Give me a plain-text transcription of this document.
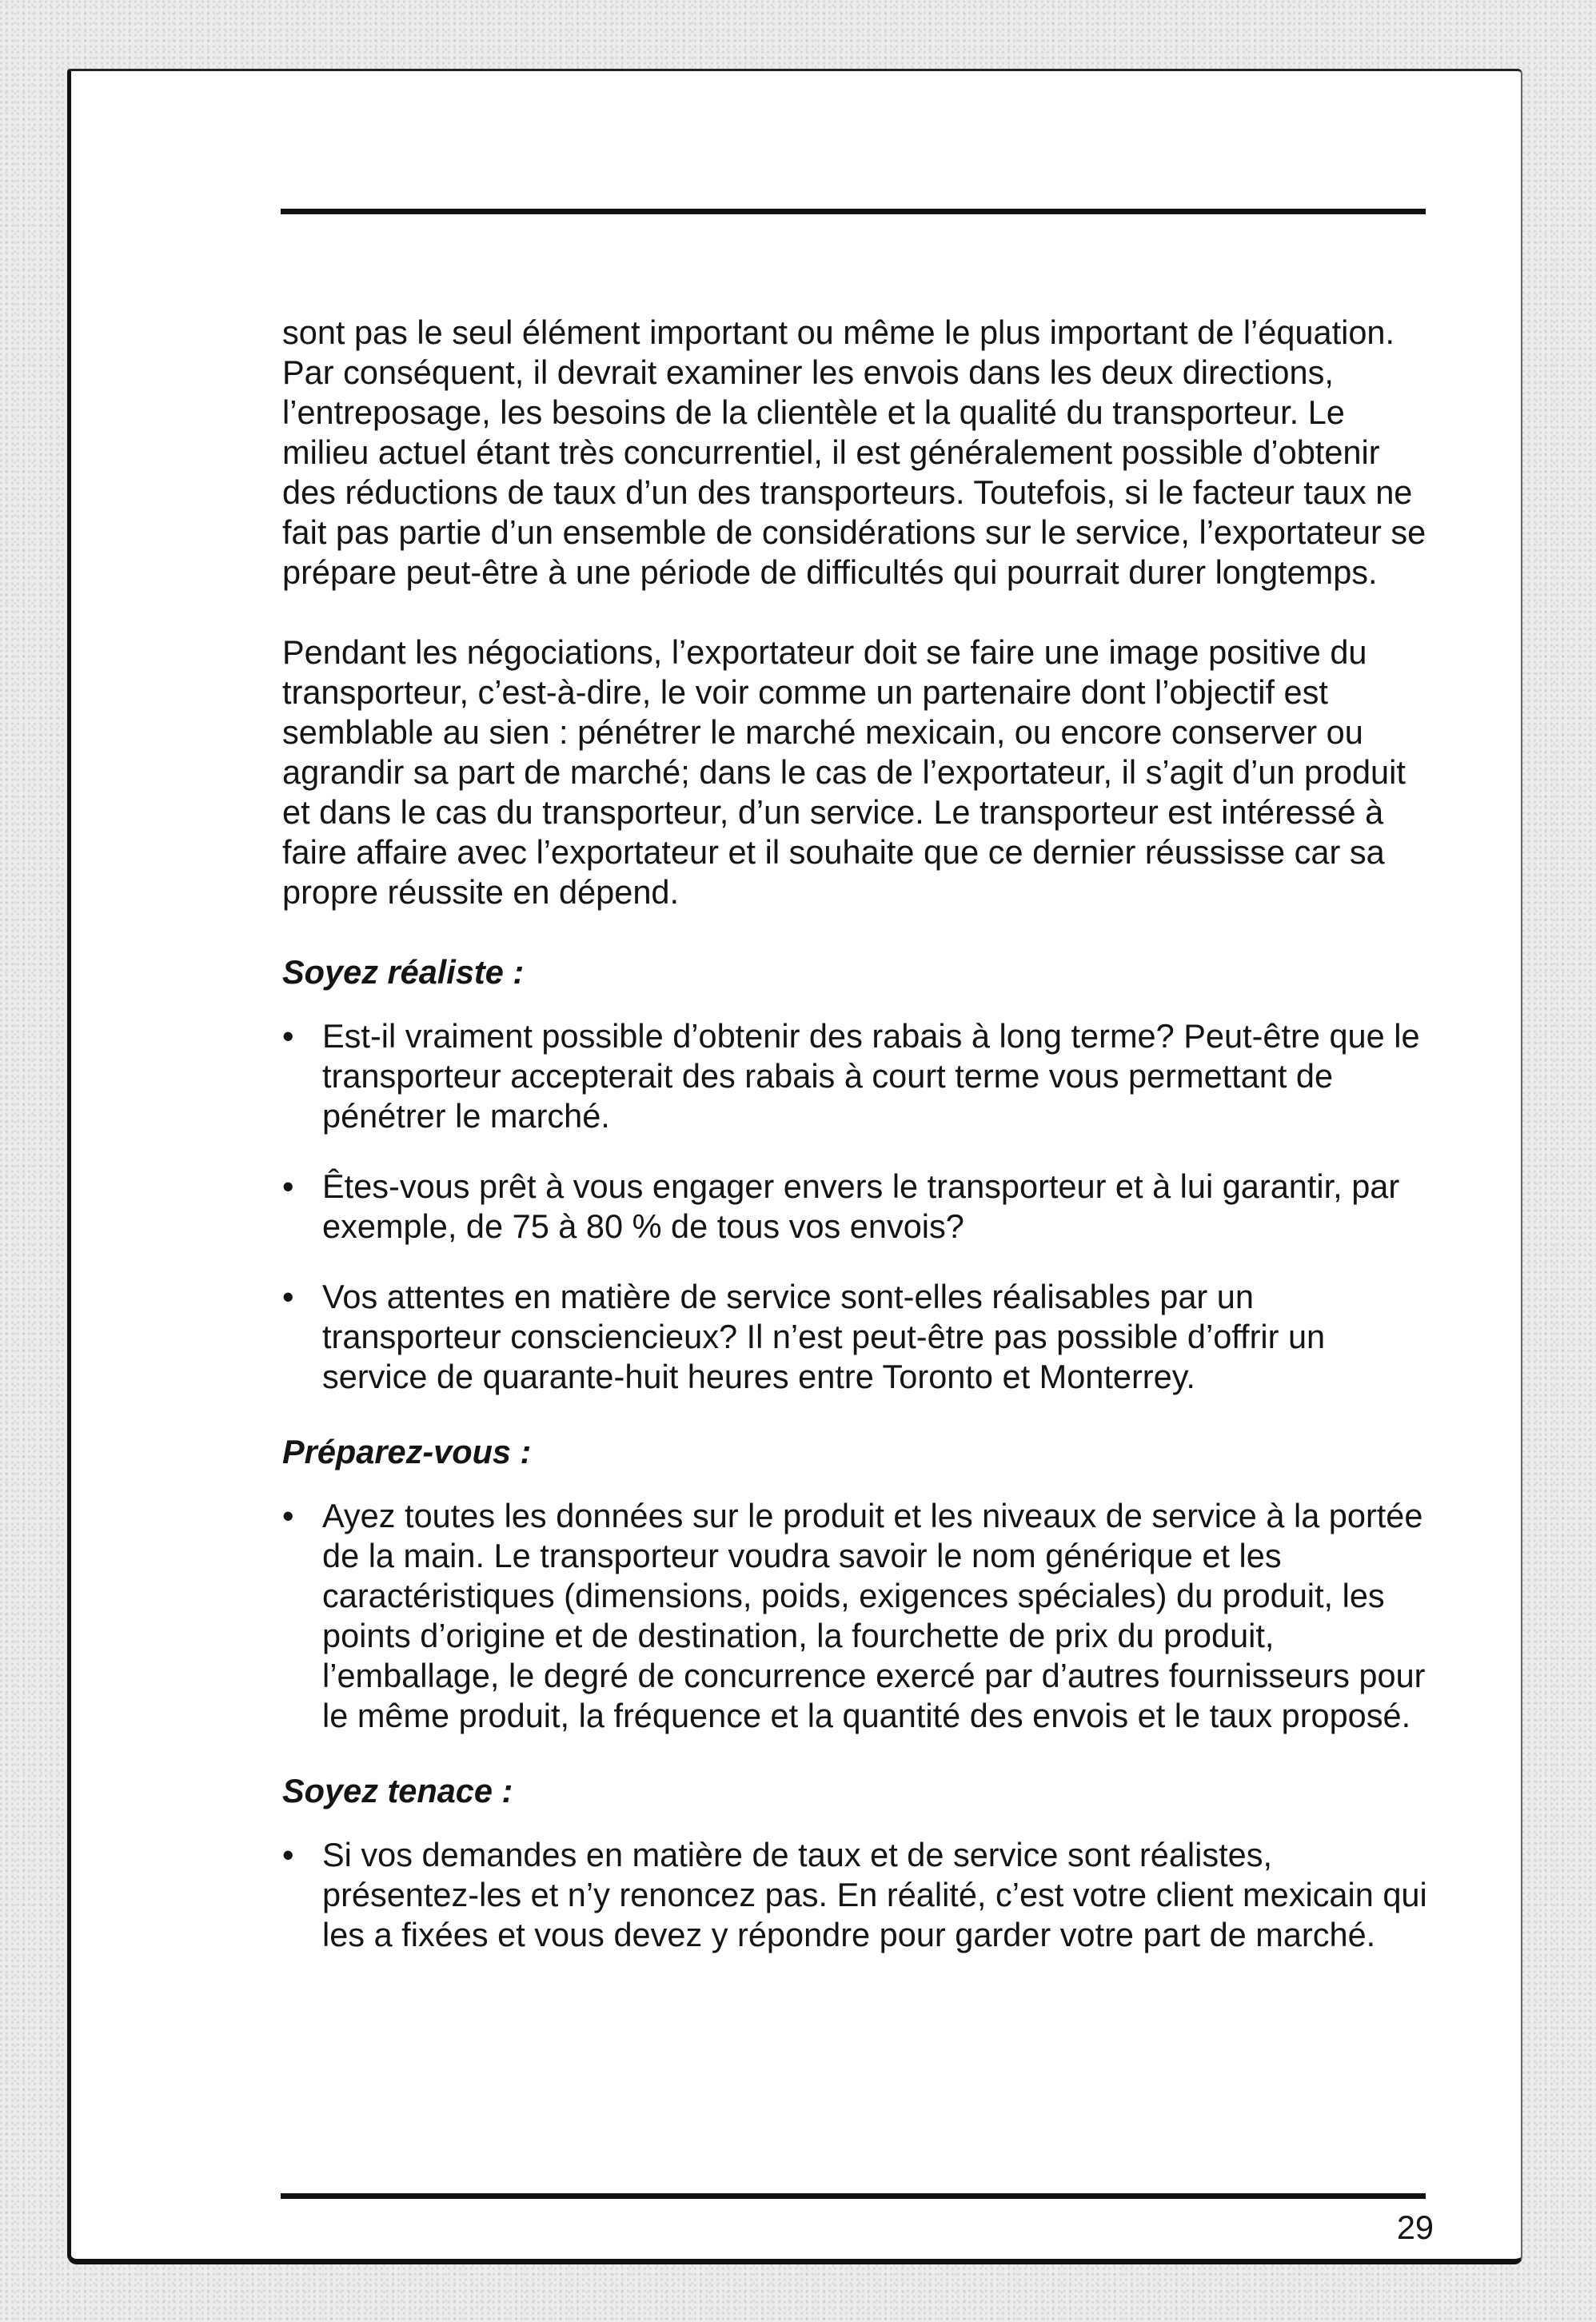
sont pas le seul élément important ou même le plus important de l’équation. Par conséquent, il devrait examiner les envois dans les deux directions, l’entreposage, les besoins de la clientèle et la qualité du transporteur. Le milieu actuel étant très concurrentiel, il est généralement possible d’obtenir des réductions de taux d’un des transporteurs. Toutefois, si le facteur taux ne fait pas partie d’un ensemble de considérations sur le service, l’exportateur se prépare peut-être à une période de difficultés qui pourrait durer longtemps.

Pendant les négociations, l’exportateur doit se faire une image positive du transporteur, c’est-à-dire, le voir comme un partenaire dont l’objectif est semblable au sien : pénétrer le marché mexicain, ou encore conserver ou agrandir sa part de marché; dans le cas de l’exportateur, il s’agit d’un produit et dans le cas du transporteur, d’un service. Le transporteur est intéressé à faire affaire avec l’exportateur et il souhaite que ce dernier réussisse car sa propre réussite en dépend.

Soyez réaliste :
• Est-il vraiment possible d’obtenir des rabais à long terme? Peut-être que le transporteur accepterait des rabais à court terme vous permettant de pénétrer le marché.
• Êtes-vous prêt à vous engager envers le transporteur et à lui garantir, par exemple, de 75 à 80 % de tous vos envois?
• Vos attentes en matière de service sont-elles réalisables par un transporteur consciencieux? Il n’est peut-être pas possible d’offrir un service de quarante-huit heures entre Toronto et Monterrey.
Préparez-vous :
• Ayez toutes les données sur le produit et les niveaux de service à la portée de la main. Le transporteur voudra savoir le nom générique et les caractéristiques (dimensions, poids, exigences spéciales) du produit, les points d’origine et de destination, la fourchette de prix du produit, l’emballage, le degré de concurrence exercé par d’autres fournisseurs pour le même produit, la fréquence et la quantité des envois et le taux proposé.
Soyez tenace :
• Si vos demandes en matière de taux et de service sont réalistes, présentez-les et n’y renoncez pas. En réalité, c’est votre client mexicain qui les a fixées et vous devez y répondre pour garder votre part de marché.
29
